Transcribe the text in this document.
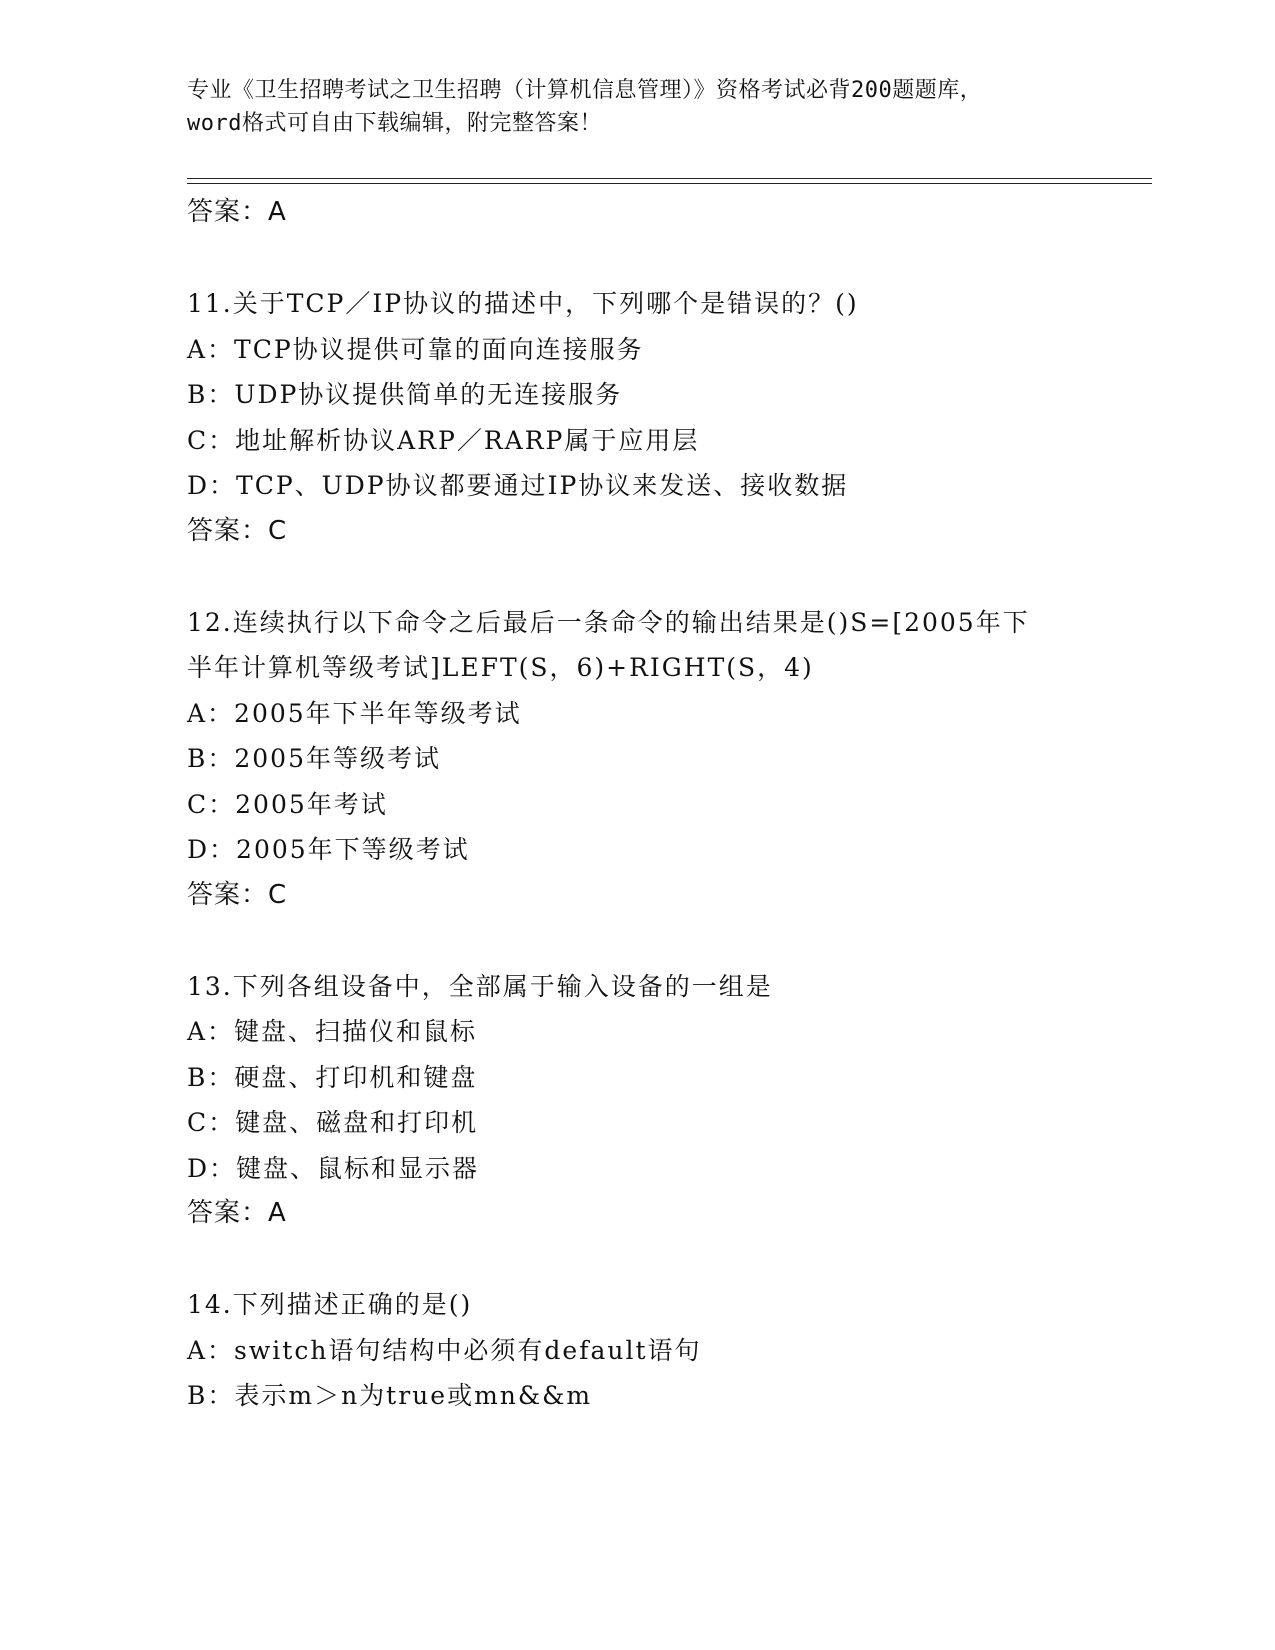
专业《卫生招聘考试之卫生招聘（计算机信息管理）》资格考试必背200题题库，
word格式可自由下载编辑，附完整答案！
答案：A
11.关于TCP／IP协议的描述中，下列哪个是错误的？()
A：TCP协议提供可靠的面向连接服务
B：UDP协议提供简单的无连接服务
C：地址解析协议ARP／RARP属于应用层
D：TCP、UDP协议都要通过IP协议来发送、接收数据
答案：C
12.连续执行以下命令之后最后一条命令的输出结果是()S=[2005年下
半年计算机等级考试]LEFT(S，6)+RIGHT(S，4)
A：2005年下半年等级考试
B：2005年等级考试
C：2005年考试
D：2005年下等级考试
答案：C
13.下列各组设备中，全部属于输入设备的一组是
A：键盘、扫描仪和鼠标
B：硬盘、打印机和键盘
C：键盘、磁盘和打印机
D：键盘、鼠标和显示器
答案：A
14.下列描述正确的是()
A：switch语句结构中必须有default语句
B：表示m＞n为true或mn&&m
